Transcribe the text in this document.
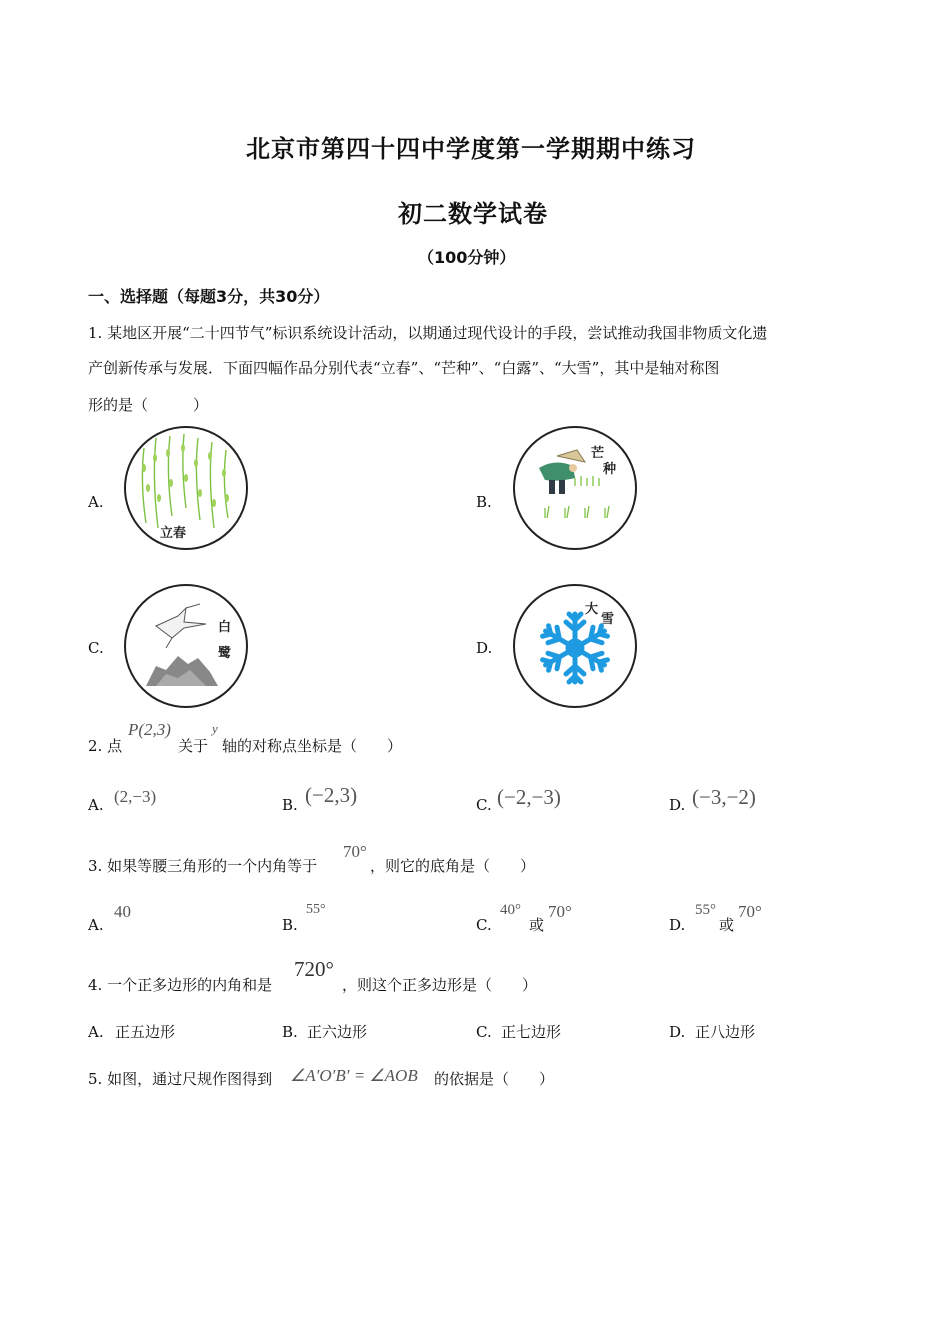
北京市第四十四中学度第一学期期中练习
初二数学试卷
（100分钟）
一、选择题（每题3分，共30分）
1. 某地区开展“二十四节气”标识系统设计活动，以期通过现代设计的手段，尝试推动我国非物质文化遗
产创新传承与发展．下面四幅作品分别代表“立春”、“芒种”、“白露”、“大雪”，其中是轴对称图
形的是（　　　）
A.
立春
B.
芒
种
C.
白
鹭	D.
大
雪
2. 点
P(2,3)
关于
y
轴的对称点坐标是（　　）
A. (2,−3)	B. (−2,3)	C. (−2,−3)	D. (−3,−2)
3. 如果等腰三角形的一个内角等于
70°
，则它的底角是（　　）
A.
40
B.
55°
C.
40°
或
70°
D.
55°
或
70°
4. 一个正多边形的内角和是
720°
，则这个正多边形是（　　）
A. 正五边形	B. 正六边形	C. 正七边形	D. 正八边形
5. 如图，通过尺规作图得到 ∠A′O′B′ = ∠AOB 的依据是（　　）
